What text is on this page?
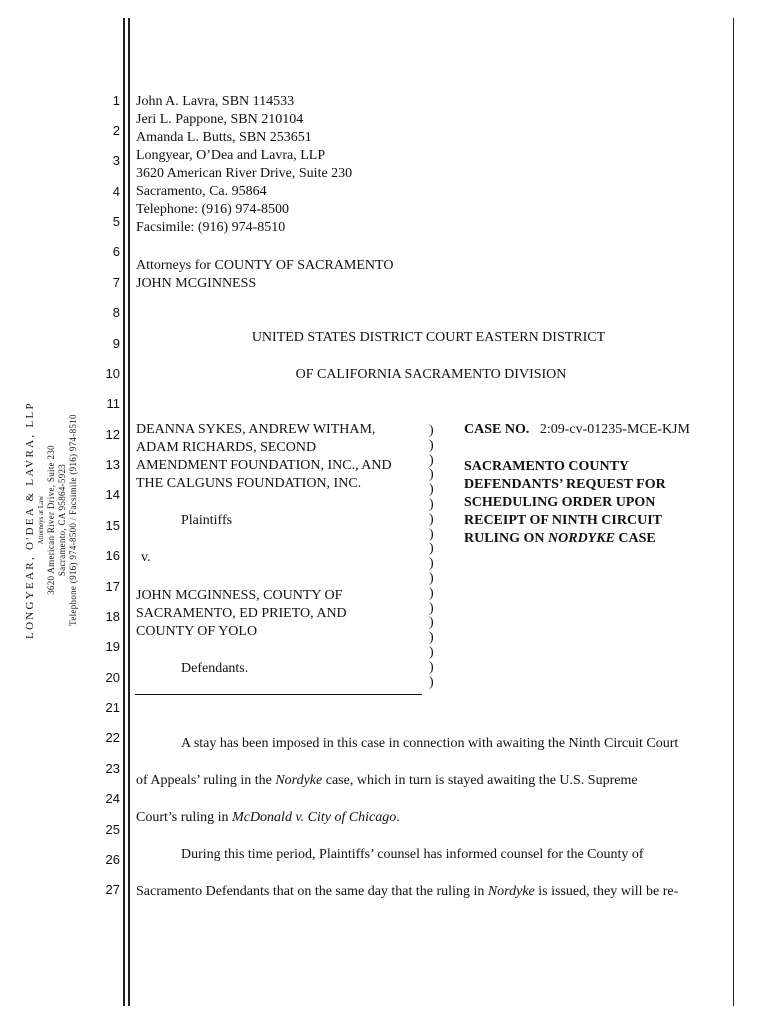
1
2
3
4
5
6
7
8
9
10
11
12
13
14
15
16
17
18
19
20
21
22
23
24
25
26
27
LONGYEAR, O'DEA & LAVRA, LLP Attorneys at Law 3620 American River Drive, Suite 230 Sacramento, CA 95864-5923 Telephone (916) 974-8500 / Facsimile (916) 974-8510
John A. Lavra, SBN 114533
Jeri L. Pappone, SBN 210104
Amanda L. Butts, SBN 253651
Longyear, O’Dea and Lavra, LLP
3620 American River Drive, Suite 230
Sacramento, Ca. 95864
Telephone: (916) 974-8500
Facsimile: (916) 974-8510
Attorneys for COUNTY OF SACRAMENTO
JOHN MCGINNESS
UNITED STATES DISTRICT COURT EASTERN DISTRICT
OF CALIFORNIA SACRAMENTO DIVISION
DEANNA SYKES, ANDREW WITHAM,
ADAM RICHARDS, SECOND
AMENDMENT FOUNDATION, INC., AND
THE CALGUNS FOUNDATION, INC.
Plaintiffs
v.
JOHN MCGINNESS, COUNTY OF
SACRAMENTO, ED PRIETO, AND
COUNTY OF YOLO
Defendants.
)
)
)
)
)
)
)
)
)
)
)
)
)
)
)
)
)
)
CASE NO. 2:09-cv-01235-MCE-KJM
SACRAMENTO COUNTY
DEFENDANTS’ REQUEST FOR
SCHEDULING ORDER UPON
RECEIPT OF NINTH CIRCUIT
RULING ON NORDYKE CASE
A stay has been imposed in this case in connection with awaiting the Ninth Circuit Court
of Appeals’ ruling in the Nordyke case, which in turn is stayed awaiting the U.S. Supreme
Court’s ruling in McDonald v. City of Chicago.
During this time period, Plaintiffs’ counsel has informed counsel for the County of
Sacramento Defendants that on the same day that the ruling in Nordyke is issued, they will be re-
